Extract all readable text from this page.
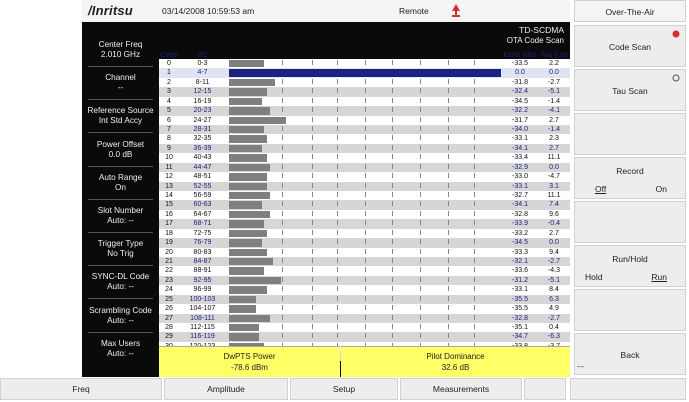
/Inritsu	03/14/2008 10:59:53 am	Remote
Center Freq
2.010 GHz
Channel
--
Reference Source
Int Std Accy
Power Offset
0.0 dB
Auto Range
On
Slot Number
Auto: --
Trigger Type
No Trig
SYNC-DL Code
Auto: --
Scrambling Code
Auto: --
Max Users
Auto: --
TD-SCDMA
OTA Code Scan
Code	SC	Ec/Io (dB) Tau (us)
0	0-3	-33.5	2.2
1	4-7	0.0	0.0
2	8-11	-31.8	-2.7
3	12-15	-32.4	-5.1
4	16-19	-34.5	-1.4
5	20-23	-32.2	-4.1
6	24-27	-31.7	2.7
7	28-31	-34.0	-1.4
8	32-35	-33.1	2.3
9	36-39	-34.1	2.7
10	40-43	-33.4	11.1
11	44-47	-32.9	0.0
12	48-51	-33.0	-4.7
13	52-55	-33.1	3.1
14	56-59	-32.7	11.1
15	60-63	-34.1	7.4
16	64-67	-32.8	9.6
17	68-71	-33.9	-0.4
18	72-75	-33.2	2.7
19	76-79	-34.5	0.0
20	80-83	-33.3	9.4
21	84-87	-32.1	-2.7
22	88-91	-33.6	-4.3
23	92-95	-31.2	-5.1
24	96-99	-33.1	8.4
25	100-103	-35.5	6.3
26	104-107	-35.5	4.9
27	108-111	-32.8	-2.7
28	112-115	-35.1	0.4
29	116-119	-34.7	-6.3
DwPTS Power
-78.6 dBm
Pilot Dominance
32.6 dB
Over-The-Air
Code Scan
Tau Scan
Record
Off	On
Run/Hold
Hold	Run
Back
---
Freq	Amplitude	Setup	Measurements
